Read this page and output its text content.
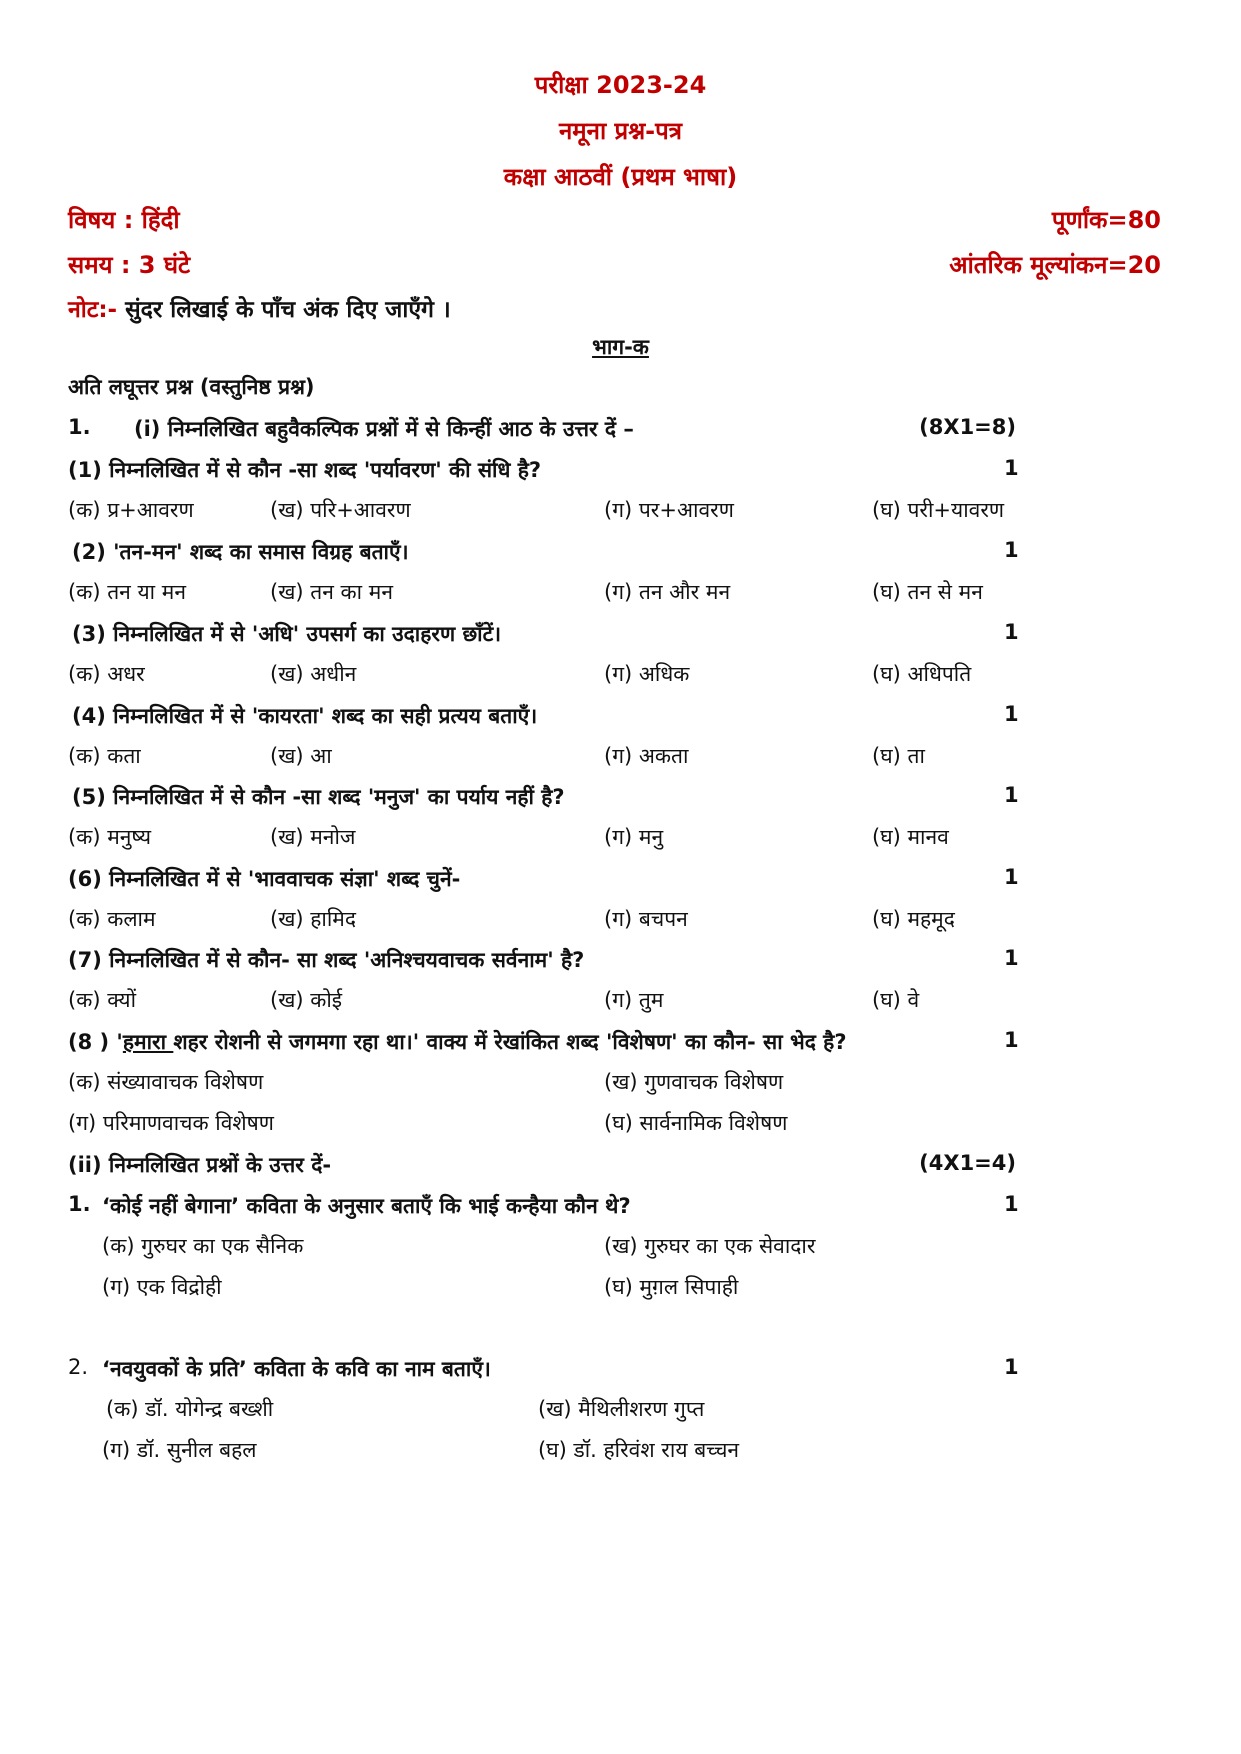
परीक्षा 2023-24
नमूना प्रश्न-पत्र
कक्षा आठवीं (प्रथम भाषा)
विषय : हिंदी	पूर्णांक=80
समय : 3 घंटे	आंतरिक मूल्यांकन=20
नोट:- सुंदर लिखाई के पाँच अंक दिए जाएँगे ।
भाग-क
अति लघूत्तर प्रश्न (वस्तुनिष्ठ प्रश्न)
1. (i) निम्नलिखित बहुवैकल्पिक प्रश्नों में से किन्हीं आठ के उत्तर दें –	(8X1=8)
(1) निम्नलिखित में से कौन -सा शब्द 'पर्यावरण' की संधि है?	1
(क) प्र+आवरण	(ख) परि+आवरण	(ग) पर+आवरण	(घ) परी+यावरण
(2) 'तन-मन' शब्द का समास विग्रह बताएँ।	1
(क) तन या मन	(ख) तन का मन	(ग) तन और मन	(घ) तन से मन
(3) निम्नलिखित में से 'अधि' उपसर्ग का उदाहरण छाँटें।	1
(क) अधर	(ख) अधीन	(ग) अधिक	(घ) अधिपति
(4) निम्नलिखित में से 'कायरता' शब्द का सही प्रत्यय बताएँ।	1
(क) कता	(ख) आ	(ग) अकता	(घ) ता
(5) निम्नलिखित में से कौन -सा शब्द 'मनुज' का पर्याय नहीं है?	1
(क) मनुष्य	(ख) मनोज	(ग) मनु	(घ) मानव
(6) निम्नलिखित में से 'भाववाचक संज्ञा' शब्द चुनें-	1
(क) कलाम	(ख) हामिद	(ग) बचपन	(घ) महमूद
(7) निम्नलिखित में से कौन- सा शब्द 'अनिश्चयवाचक सर्वनाम' है?	1
(क) क्यों	(ख) कोई	(ग) तुम	(घ) वे
(8 ) 'हमारा शहर रोशनी से जगमगा रहा था।' वाक्य में रेखांकित शब्द 'विशेषण' का कौन- सा भेद है?	1
(क) संख्यावाचक विशेषण	(ख) गुणवाचक विशेषण
(ग) परिमाणवाचक विशेषण	(घ) सार्वनामिक विशेषण
(ii) निम्नलिखित प्रश्नों के उत्तर दें-	(4X1=4)
1. ‘कोई नहीं बेगाना’ कविता के अनुसार बताएँ कि भाई कन्हैया कौन थे?	1
(क) गुरुघर का एक सैनिक	(ख) गुरुघर का एक सेवादार
(ग) एक विद्रोही	(घ) मुग़ल सिपाही
2. ‘नवयुवकों के प्रति’ कविता के कवि का नाम बताएँ।	1
(क) डॉ. योगेन्द्र बख्शी	(ख) मैथिलीशरण गुप्त
(ग) डॉ. सुनील बहल	(घ) डॉ. हरिवंश राय बच्चन
